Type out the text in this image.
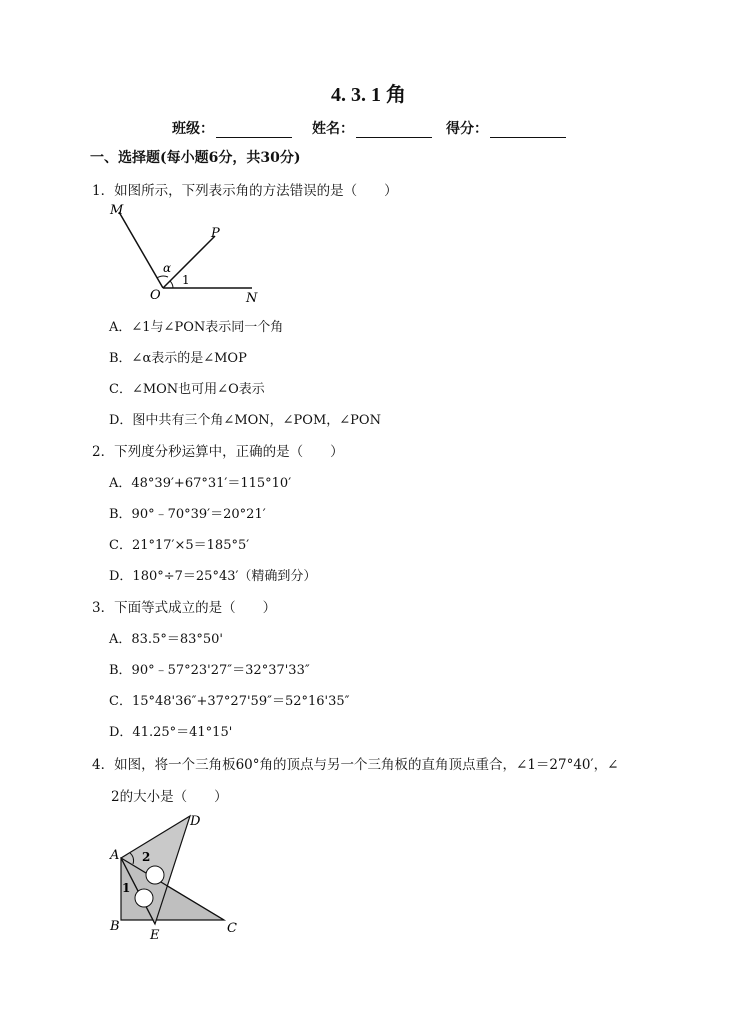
4. 3. 1 角
班级：	姓名：	得分：
一、选择题(每小题6分，共30分)
1．如图所示，下列表示角的方法错误的是（　　）
M
P
α
1
O	N
A．∠1与∠PON表示同一个角
B．∠α表示的是∠MOP
C．∠MON也可用∠O表示
D．图中共有三个角∠MON，∠POM，∠PON
2．下列度分秒运算中，正确的是（　　）
A．48°39′+67°31′＝115°10′
B．90°﹣70°39′＝20°21′
C．21°17′×5＝185°5′
D．180°÷7＝25°43′（精确到分）
3．下面等式成立的是（　　）
A．83.5°＝83°50'
B．90°﹣57°23'27″＝32°37'33″
C．15°48'36″+37°27'59″＝52°16'35″
D．41.25°＝41°15'
4．如图，将一个三角板60°角的顶点与另一个三角板的直角顶点重合，∠1＝27°40′，∠
2的大小是（　　）
A
D
2
1
B
E	C
